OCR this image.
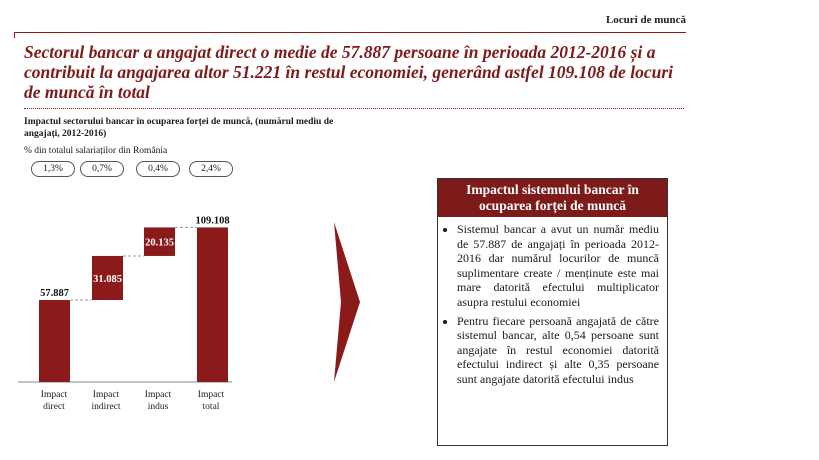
Locuri de muncă
Sectorul bancar a angajat direct o medie de 57.887 persoane în perioada 2012-2016 și a contribuit la angajarea altor 51.221 în restul economiei, generând astfel 109.108 de locuri de muncă în total
Impactul sectorului bancar în ocuparea forței de muncă, (numărul mediu de angajați, 2012-2016)
% din totalul salariaților din România
1,3%	0,7%	0,4%	2,4%
57.887
31.085
20.135
109.108
Impact
direct
Impact
indirect
Impact
indus
Impact
total
Impactul sistemului bancar în ocuparea forței de muncă
• Sistemul bancar a avut un număr mediu de 57.887 de angajați în perioada 2012-2016 dar numărul locurilor de muncă suplimentare create / menținute este mai mare datorită efectului multiplicator asupra restului economiei
• Pentru fiecare persoană angajată de către sistemul bancar, alte 0,54 persoane sunt angajate în restul economiei datorită efectului indirect și alte 0,35 persoane sunt angajate datorită efectului indus
